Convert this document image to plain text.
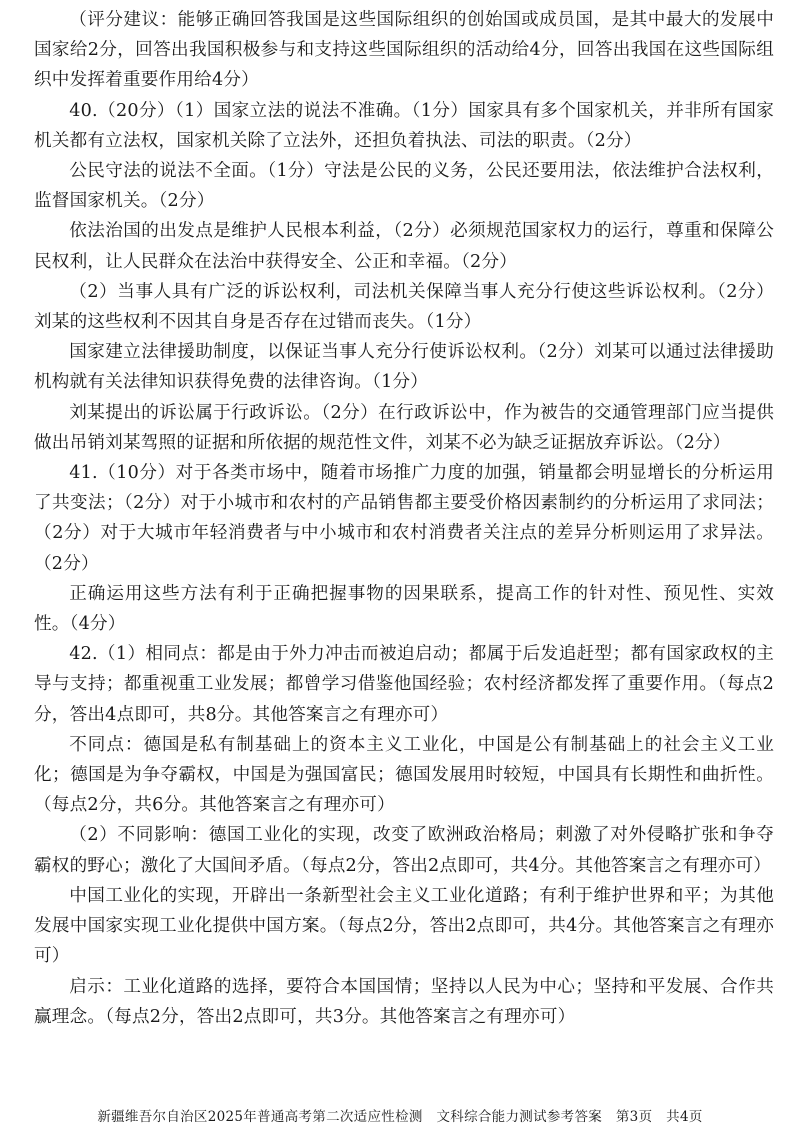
（评分建议：能够正确回答我国是这些国际组织的创始国或成员国，是其中最大的发展中国家给2分，回答出我国积极参与和支持这些国际组织的活动给4分，回答出我国在这些国际组织中发挥着重要作用给4分）

40.（20分）（1）国家立法的说法不准确。（1分）国家具有多个国家机关，并非所有国家机关都有立法权，国家机关除了立法外，还担负着执法、司法的职责。（2分）

公民守法的说法不全面。（1分）守法是公民的义务，公民还要用法，依法维护合法权利，监督国家机关。（2分）

依法治国的出发点是维护人民根本利益，（2分）必须规范国家权力的运行，尊重和保障公民权利，让人民群众在法治中获得安全、公正和幸福。（2分）

（2）当事人具有广泛的诉讼权利，司法机关保障当事人充分行使这些诉讼权利。（2分）刘某的这些权利不因其自身是否存在过错而丧失。（1分）

国家建立法律援助制度，以保证当事人充分行使诉讼权利。（2分）刘某可以通过法律援助机构就有关法律知识获得免费的法律咨询。（1分）

刘某提出的诉讼属于行政诉讼。（2分）在行政诉讼中，作为被告的交通管理部门应当提供做出吊销刘某驾照的证据和所依据的规范性文件，刘某不必为缺乏证据放弃诉讼。（2分）

41.（10分）对于各类市场中，随着市场推广力度的加强，销量都会明显增长的分析运用了共变法；（2分）对于小城市和农村的产品销售都主要受价格因素制约的分析运用了求同法；（2分）对于大城市年轻消费者与中小城市和农村消费者关注点的差异分析则运用了求异法。（2分）

正确运用这些方法有利于正确把握事物的因果联系，提高工作的针对性、预见性、实效性。（4分）

42.（1）相同点：都是由于外力冲击而被迫启动；都属于后发追赶型；都有国家政权的主导与支持；都重视重工业发展；都曾学习借鉴他国经验；农村经济都发挥了重要作用。（每点2分，答出4点即可，共8分。其他答案言之有理亦可）

不同点：德国是私有制基础上的资本主义工业化，中国是公有制基础上的社会主义工业化；德国是为争夺霸权，中国是为强国富民；德国发展用时较短，中国具有长期性和曲折性。（每点2分，共6分。其他答案言之有理亦可）

（2）不同影响：德国工业化的实现，改变了欧洲政治格局；刺激了对外侵略扩张和争夺霸权的野心；激化了大国间矛盾。（每点2分，答出2点即可，共4分。其他答案言之有理亦可）

中国工业化的实现，开辟出一条新型社会主义工业化道路；有利于维护世界和平；为其他发展中国家实现工业化提供中国方案。（每点2分，答出2点即可，共4分。其他答案言之有理亦可）

启示：工业化道路的选择，要符合本国国情；坚持以人民为中心；坚持和平发展、合作共赢理念。（每点2分，答出2点即可，共3分。其他答案言之有理亦可）

新疆维吾尔自治区2025年普通高考第二次适应性检测　文科综合能力测试参考答案　第3页　共4页
